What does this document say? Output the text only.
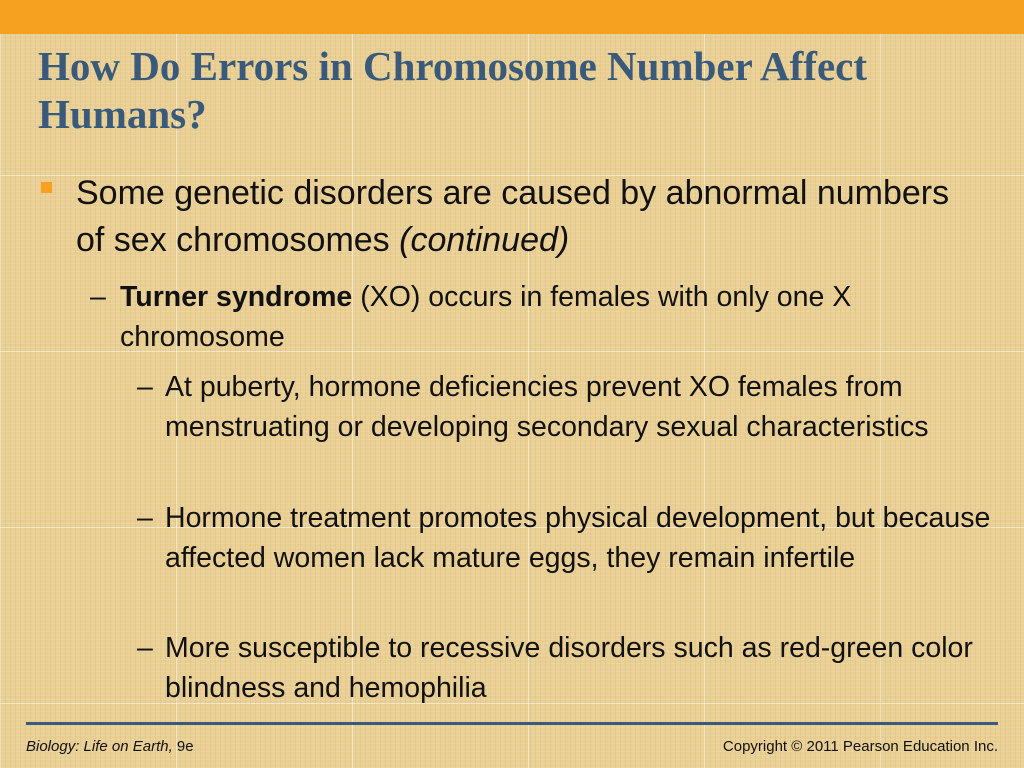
How Do Errors in Chromosome Number Affect Humans?

Some genetic disorders are caused by abnormal numbers of sex chromosomes (continued)

– Turner syndrome (XO) occurs in females with only one X chromosome

– At puberty, hormone deficiencies prevent XO females from menstruating or developing secondary sexual characteristics

– Hormone treatment promotes physical development, but because affected women lack mature eggs, they remain infertile

– More susceptible to recessive disorders such as red-green color blindness and hemophilia

Biology: Life on Earth, 9e	Copyright © 2011 Pearson Education Inc.
